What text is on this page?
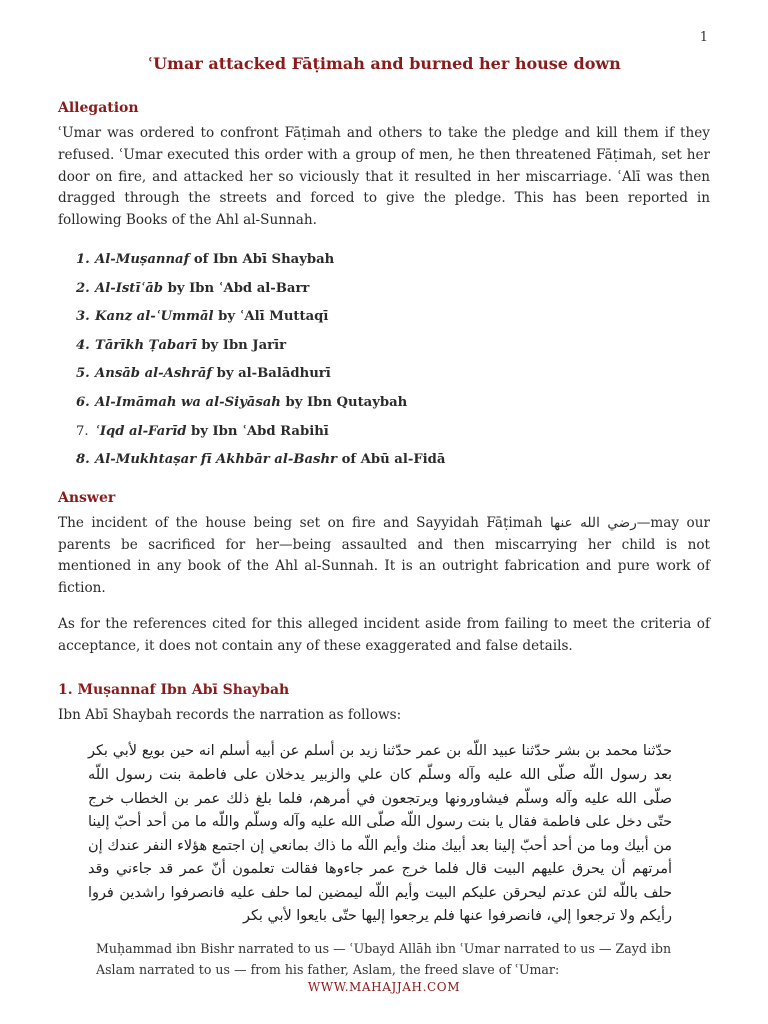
1
ʿUmar attacked Fāṭimah and burned her house down
Allegation

ʿUmar was ordered to confront Fāṭimah and others to take the pledge and kill them if they refused. ʿUmar executed this order with a group of men, he then threatened Fāṭimah, set her door on fire, and attacked her so viciously that it resulted in her miscarriage. ʿAlī was then dragged through the streets and forced to give the pledge. This has been reported in following Books of the Ahl al-Sunnah.

1. Al-Muṣannaf of Ibn Abī Shaybah
2. Al-Istīʿāb by Ibn ʿAbd al-Barr
3. Kanz al-ʿUmmāl by ʿAlī Muttaqī
4. Tārīkh Ṭabarī by Ibn Jarīr
5. Ansāb al-Ashrāf by al-Balādhurī
6. Al-Imāmah wa al-Siyāsah by Ibn Qutaybah
7. ʿIqd al-Farīd by Ibn ʿAbd Rabihī
8. Al-Mukhtaṣar fī Akhbār al-Bashr of Abū al-Fidā
Answer

The incident of the house being set on fire and Sayyidah Fāṭimah رضي الله عنها—may our parents be sacrificed for her—being assaulted and then miscarrying her child is not mentioned in any book of the Ahl al-Sunnah. It is an outright fabrication and pure work of fiction.

As for the references cited for this alleged incident aside from failing to meet the criteria of acceptance, it does not contain any of these exaggerated and false details.

1. Muṣannaf Ibn Abī Shaybah

Ibn Abī Shaybah records the narration as follows:

حدّثنا محمد بن بشر حدّثنا عبيد اللّه بن عمر حدّثنا زيد بن أسلم عن أبيه أسلم انه حين بويع لأبي بكر بعد رسول اللّه صلّى الله عليه وآله وسلّم كان علي والزبير يدخلان على فاطمة بنت رسول اللّه صلّى الله عليه وآله وسلّم فيشاورونها ويرتجعون في أمرهم، فلما بلغ ذلك عمر بن الخطاب خرج حتّى دخل على فاطمة فقال يا بنت رسول اللّه صلّى الله عليه وآله وسلّم واللّه ما من أحد أحبّ إلينا من أبيك وما من أحد أحبّ إلينا بعد أبيك منك وأيم اللّه ما ذاك بمانعي إن اجتمع هؤلاء النفر عندك إن أمرتهم أن يحرق عليهم البيت قال فلما خرج عمر جاءوها فقالت تعلمون أنّ عمر قد جاءني وقد حلف باللّه لئن عدتم ليحرقن عليكم البيت وأيم اللّه ليمضين لما حلف عليه فانصرفوا راشدين فروا رأيكم ولا ترجعوا إلي، فانصرفوا عنها فلم يرجعوا إليها حتّى بايعوا لأبي بكر

Muḥammad ibn Bishr narrated to us — ʿUbayd Allāh ibn ʿUmar narrated to us — Zayd ibn Aslam narrated to us — from his father, Aslam, the freed slave of ʿUmar:

WWW.MAHAJJAH.COM
